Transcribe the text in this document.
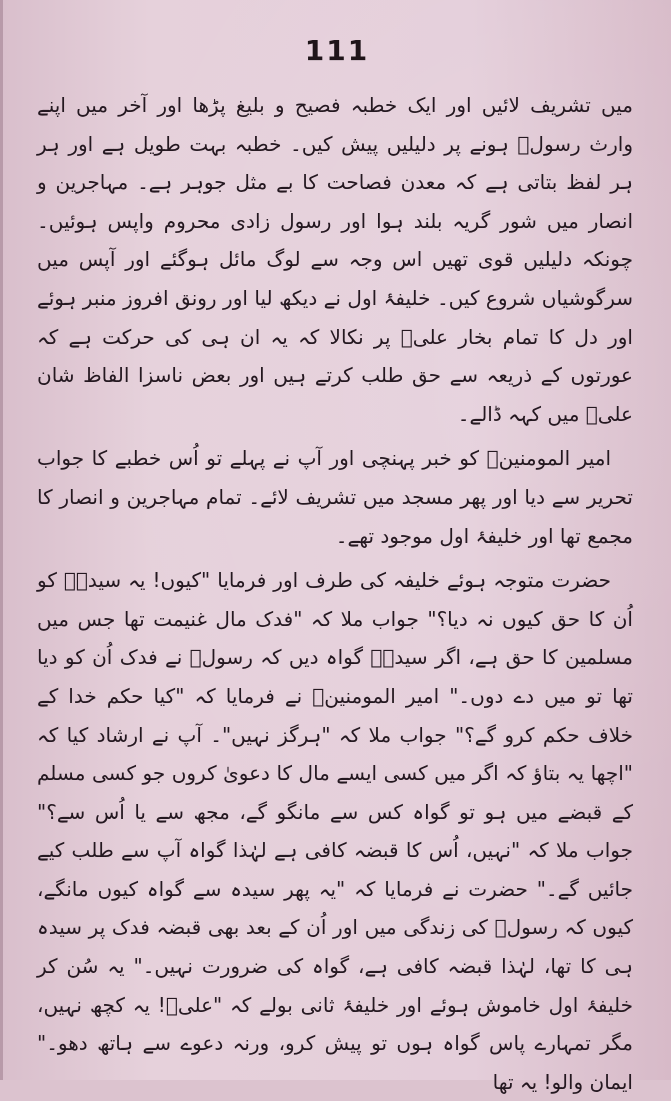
111

میں تشریف لائیں اور ایک خطبہ فصیح و بلیغ پڑھا اور آخر میں اپنے وارث رسولؐ ہونے پر دلیلیں پیش کیں۔ خطبہ بہت طویل ہے اور ہر ہر لفظ بتاتی ہے کہ معدن فصاحت کا بے مثل جوہر ہے۔ مہاجرین و انصار میں شور گریہ بلند ہوا اور رسول زادی محروم واپس ہوئیں۔ چونکہ دلیلیں قوی تھیں اس وجہ سے لوگ مائل ہوگئے اور آپس میں سرگوشیاں شروع کیں۔ خلیفۂ اول نے دیکھ لیا اور رونق افروز منبر ہوئے اور دل کا تمام بخار علیؑ پر نکالا کہ یہ ان ہی کی حرکت ہے کہ عورتوں کے ذریعہ سے حق طلب کرتے ہیں اور بعض ناسزا الفاظ شان علیؑ میں کہہ ڈالے۔

امیر المومنینؑ کو خبر پہنچی اور آپ نے پہلے تو اُس خطبے کا جواب تحریر سے دیا اور پھر مسجد میں تشریف لائے۔ تمام مہاجرین و انصار کا مجمع تھا اور خلیفۂ اول موجود تھے۔

حضرت متوجہ ہوئے خلیفہ کی طرف اور فرمایا "کیوں! یہ سیدہؑ کو اُن کا حق کیوں نہ دیا؟" جواب ملا کہ "فدک مال غنیمت تھا جس میں مسلمین کا حق ہے، اگر سیدہؑ گواہ دیں کہ رسولؐ نے فدک اُن کو دیا تھا تو میں دے دوں۔" امیر المومنینؑ نے فرمایا کہ "کیا حکم خدا کے خلاف حکم کرو گے؟" جواب ملا کہ "ہرگز نہیں"۔ آپ نے ارشاد کیا کہ "اچھا یہ بتاؤ کہ اگر میں کسی ایسے مال کا دعویٰ کروں جو کسی مسلم کے قبضے میں ہو تو گواہ کس سے مانگو گے، مجھ سے یا اُس سے؟" جواب ملا کہ "نہیں، اُس کا قبضہ کافی ہے لہٰذا گواہ آپ سے طلب کیے جائیں گے۔" حضرت نے فرمایا کہ "یہ پھر سیدہ سے گواہ کیوں مانگے، کیوں کہ رسولؐ کی زندگی میں اور اُن کے بعد بھی قبضہ فدک پر سیدہ ہی کا تھا، لہٰذا قبضہ کافی ہے، گواہ کی ضرورت نہیں۔" یہ سُن کر خلیفۂ اول خاموش ہوئے اور خلیفۂ ثانی بولے کہ "علیؑ! یہ کچھ نہیں، مگر تمہارے پاس گواہ ہوں تو پیش کرو، ورنہ دعوے سے ہاتھ دھو۔" ایمان والو! یہ تھا
